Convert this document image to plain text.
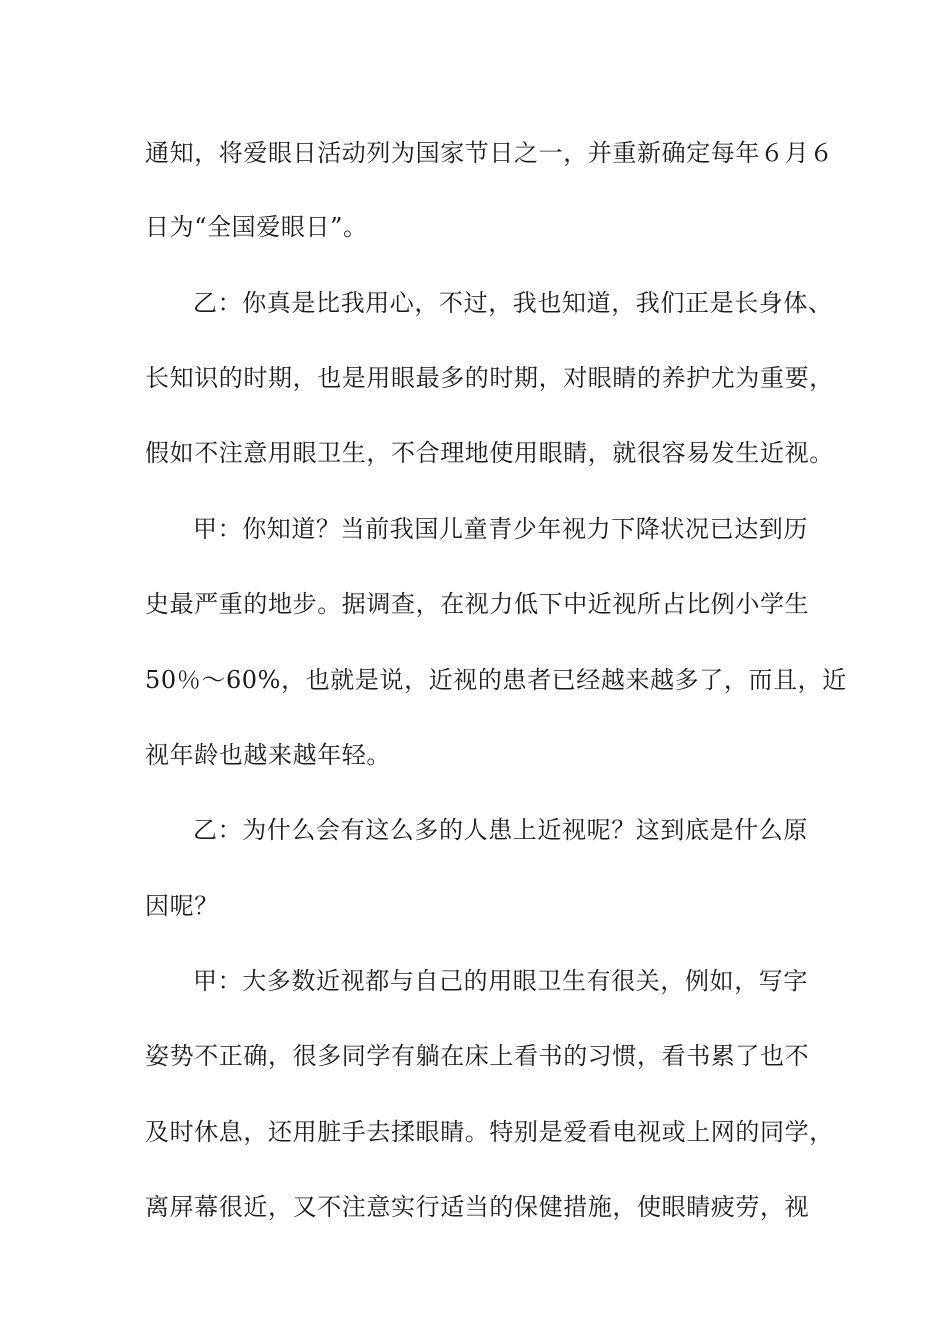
通知，将爱眼日活动列为国家节日之一，并重新确定每年６月６

日为“全国爱眼日”。

乙：你真是比我用心，不过，我也知道，我们正是长身体、

长知识的时期，也是用眼最多的时期，对眼睛的养护尤为重要，

假如不注意用眼卫生，不合理地使用眼睛，就很容易发生近视。

甲：你知道？当前我国儿童青少年视力下降状况已达到历

史最严重的地步。据调查，在视力低下中近视所占比例小学生

50％～60%，也就是说，近视的患者已经越来越多了，而且，近

视年龄也越来越年轻。

乙：为什么会有这么多的人患上近视呢？这到底是什么原

因呢？

甲：大多数近视都与自己的用眼卫生有很关，例如，写字

姿势不正确，很多同学有躺在床上看书的习惯，看书累了也不

及时休息，还用脏手去揉眼睛。特别是爱看电视或上网的同学，

离屏幕很近，又不注意实行适当的保健措施，使眼睛疲劳，视
